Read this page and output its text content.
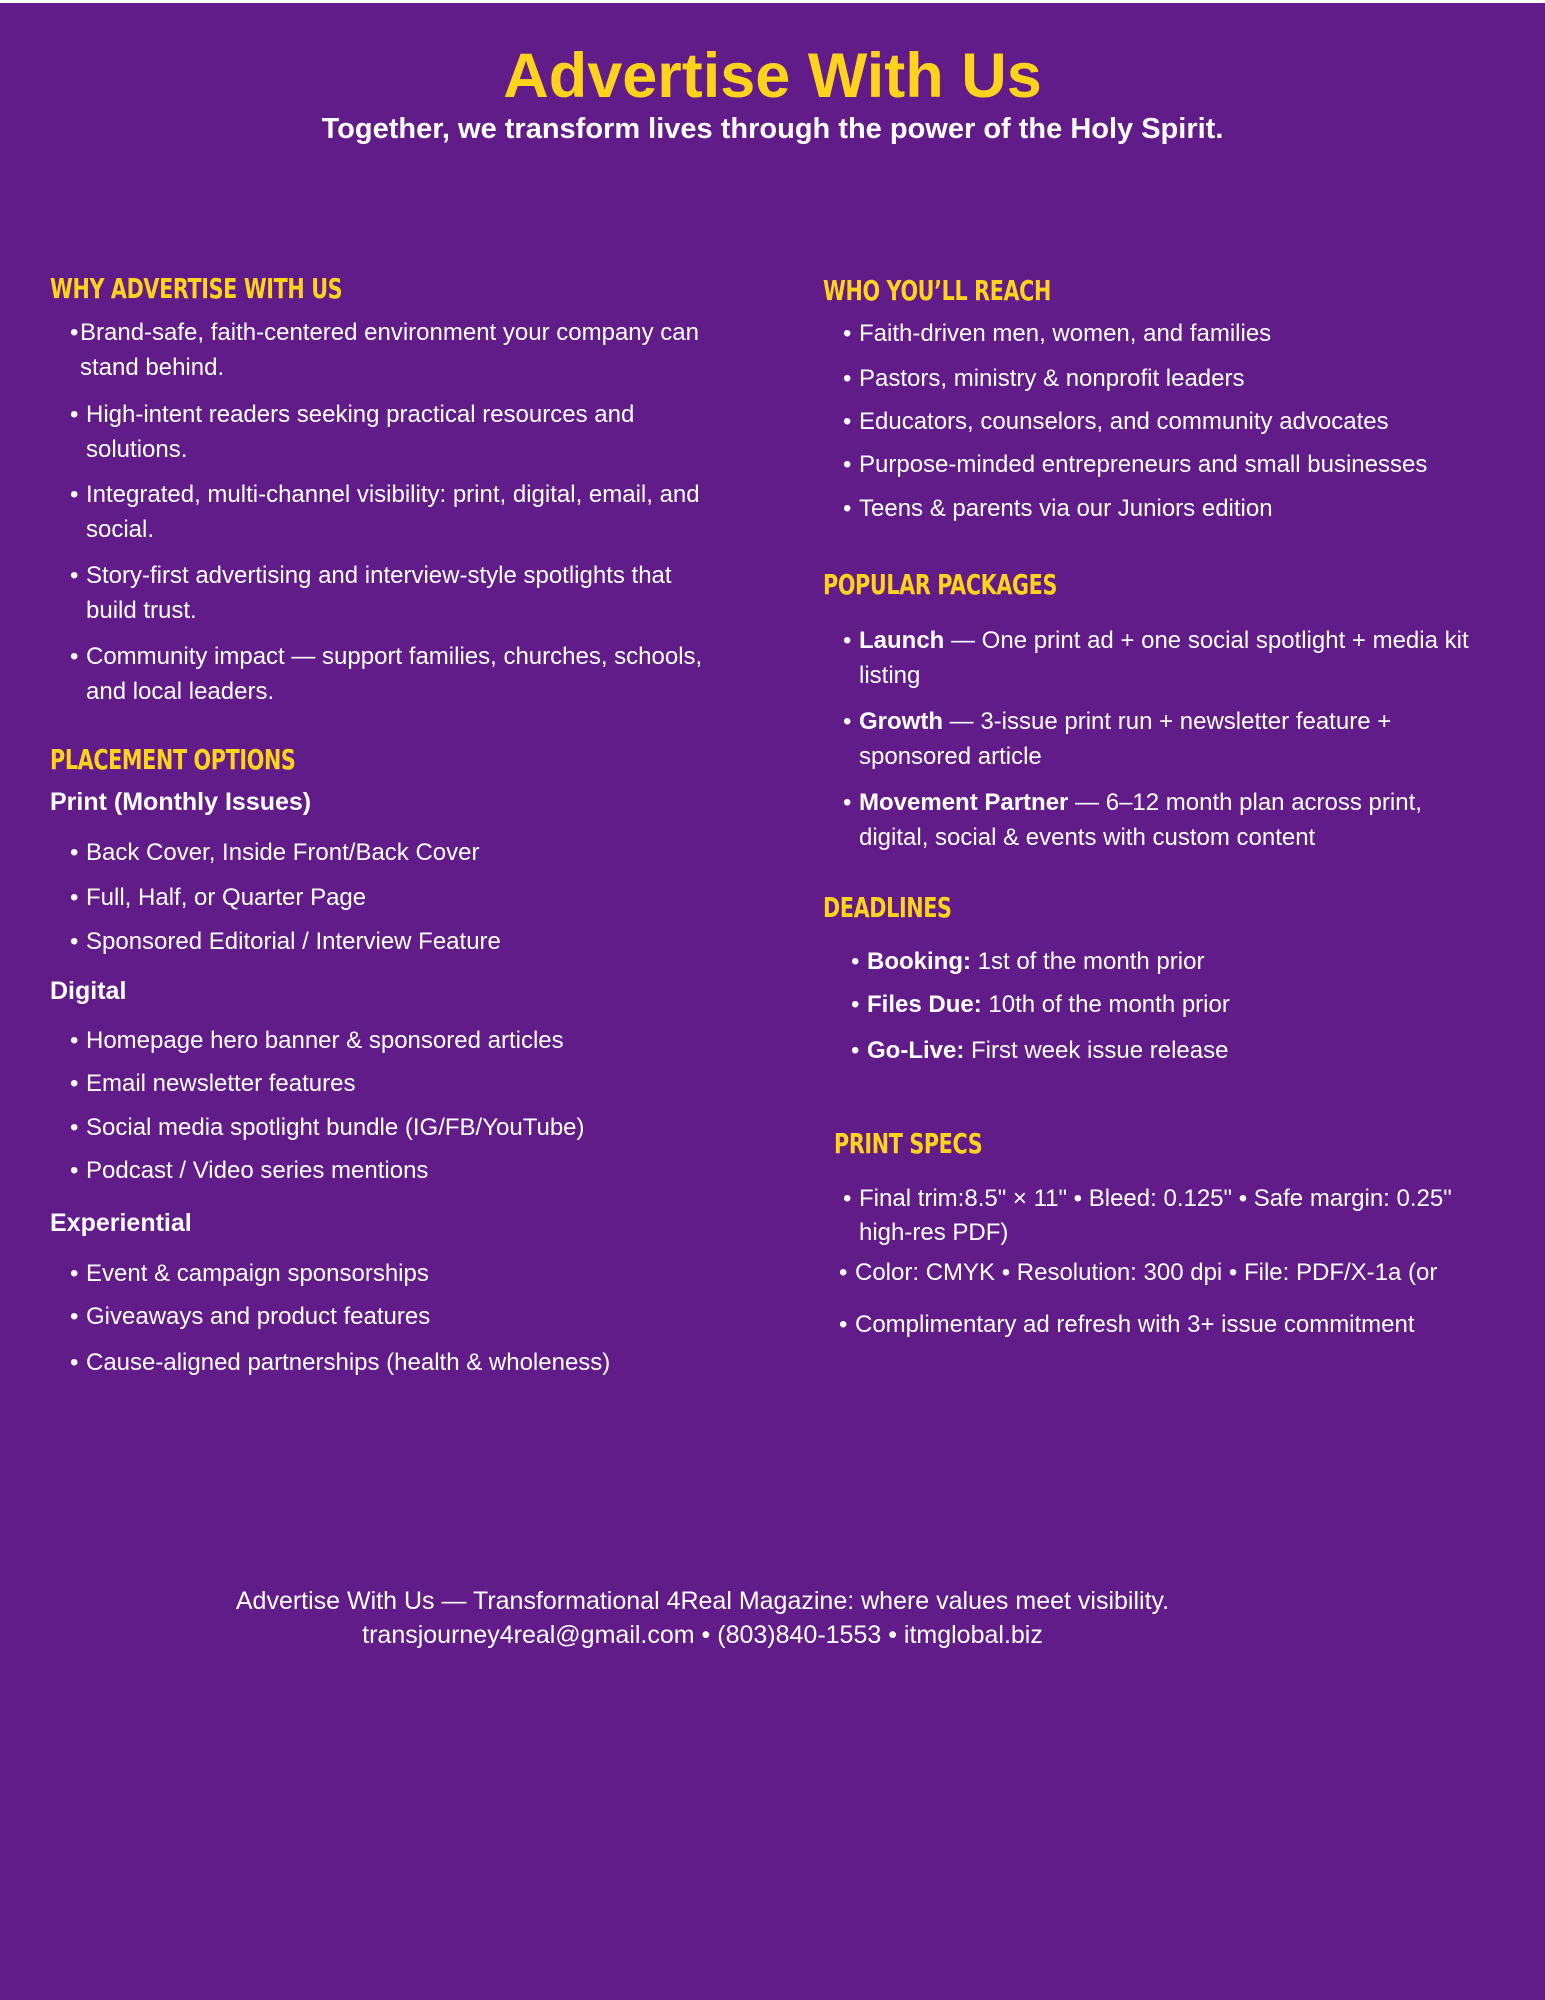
Advertise With Us

Together, we transform lives through the power of the Holy Spirit.

WHY ADVERTISE WITH US
• Brand-safe, faith-centered environment your company can stand behind.
• High-intent readers seeking practical resources and solutions.
• Integrated, multi-channel visibility: print, digital, email, and social.
• Story-first advertising and interview-style spotlights that build trust.
• Community impact — support families, churches, schools, and local leaders.
PLACEMENT OPTIONS

Print (Monthly Issues)

• Back Cover, Inside Front/Back Cover
• Full, Half, or Quarter Page
• Sponsored Editorial / Interview Feature

Digital

• Homepage hero banner & sponsored articles
• Email newsletter features
• Social media spotlight bundle (IG/FB/YouTube)
• Podcast / Video series mentions

Experiential

• Event & campaign sponsorships
• Giveaways and product features
• Cause-aligned partnerships (health & wholeness)
WHO YOU’LL REACH
• Faith-driven men, women, and families
• Pastors, ministry & nonprofit leaders
• Educators, counselors, and community advocates
• Purpose-minded entrepreneurs and small businesses
• Teens & parents via our Juniors edition
POPULAR PACKAGES
• Launch — One print ad + one social spotlight + media kit listing
• Growth — 3-issue print run + newsletter feature + sponsored article
• Movement Partner — 6–12 month plan across print, digital, social & events with custom content
DEADLINES
• Booking: 1st of the month prior
• Files Due: 10th of the month prior
• Go-Live: First week issue release
PRINT SPECS
• Final trim:8.5" × 11" • Bleed: 0.125" • Safe margin: 0.25"
high-res PDF)
• Color: CMYK • Resolution: 300 dpi • File: PDF/X-1a (or
• Complimentary ad refresh with 3+ issue commitment
Advertise With Us — Transformational 4Real Magazine: where values meet visibility.
transjourney4real@gmail.com • (803)840-1553 • itmglobal.biz
